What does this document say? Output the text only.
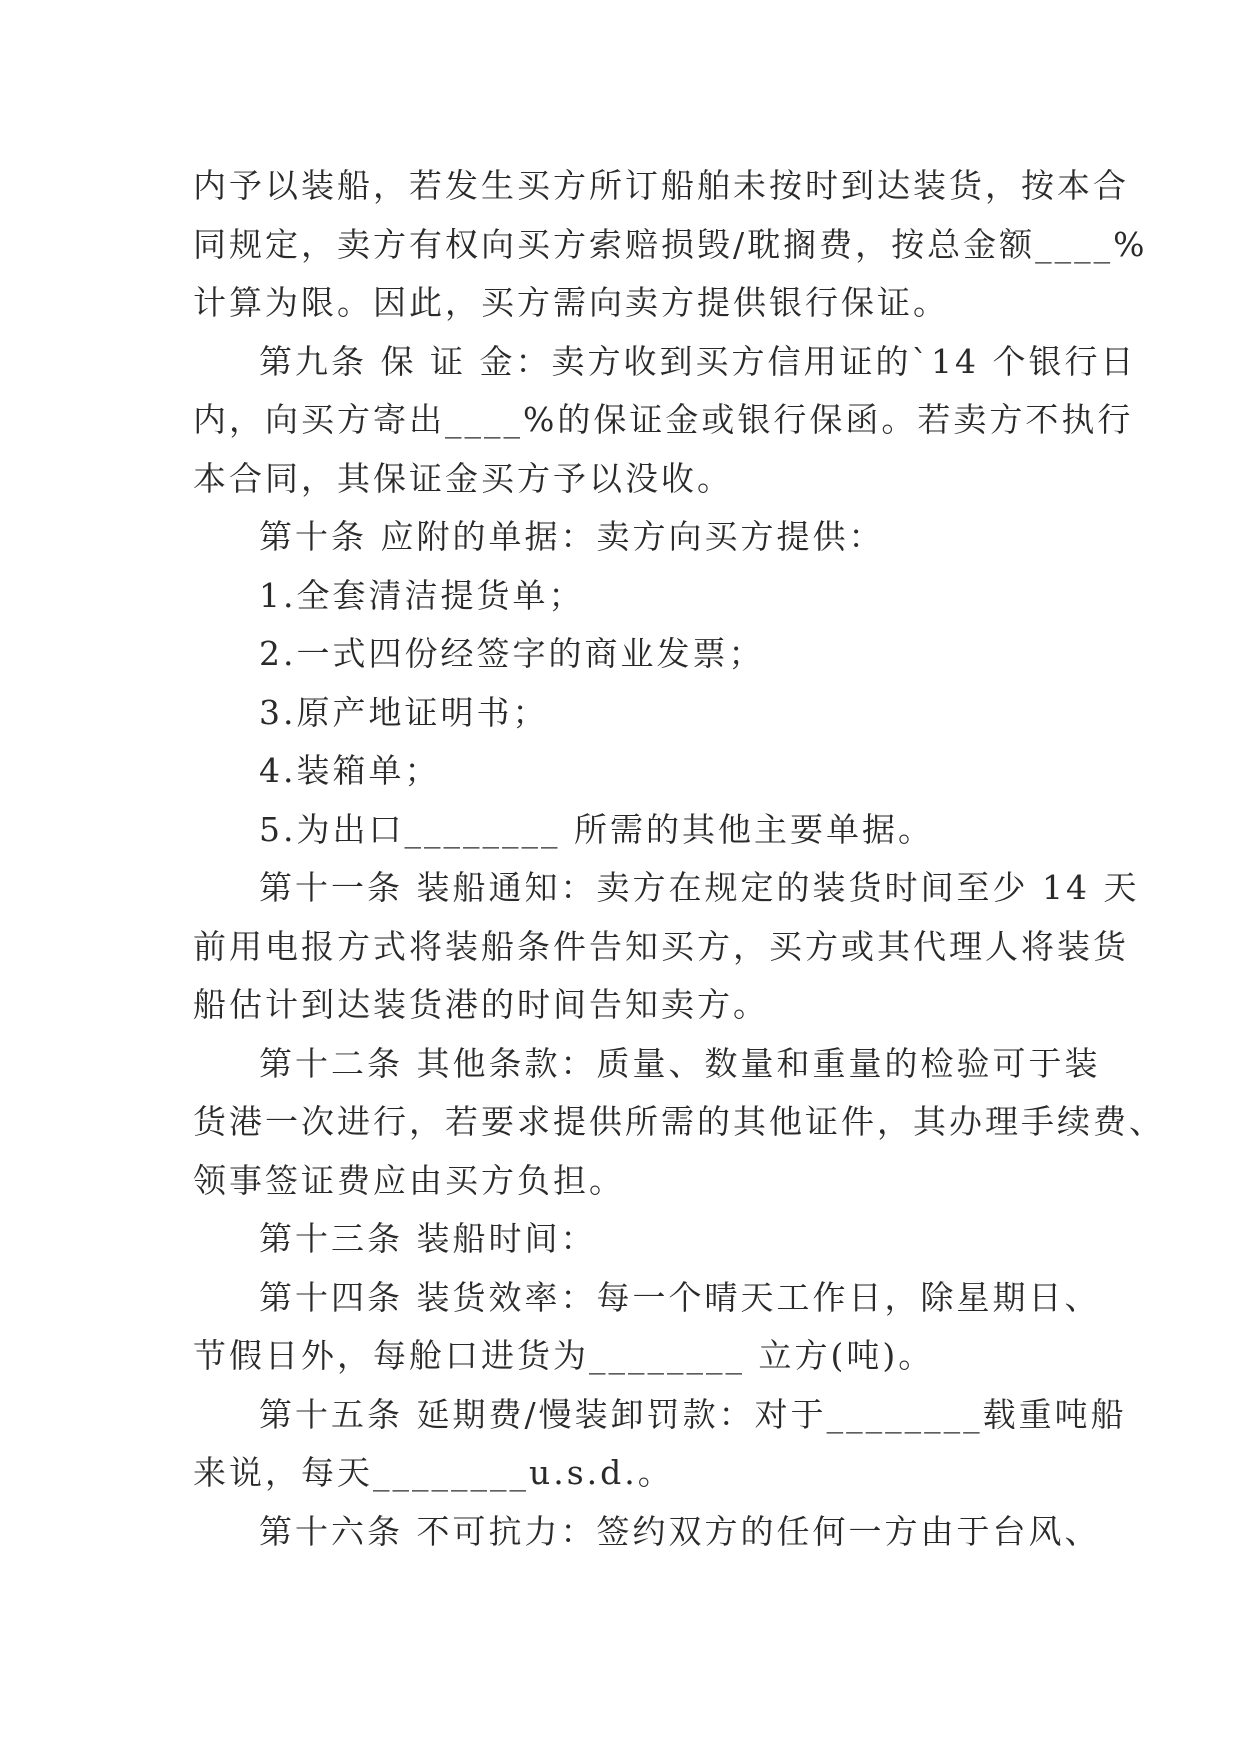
内予以装船，若发生买方所订船舶未按时到达装货，按本合
同规定，卖方有权向买方索赔损毁/耽搁费，按总金额____%
计算为限。因此，买方需向卖方提供银行保证。
第九条 保 证 金：卖方收到买方信用证的`14 个银行日
内，向买方寄出____%的保证金或银行保函。若卖方不执行
本合同，其保证金买方予以没收。
第十条 应附的单据：卖方向买方提供：
1.全套清洁提货单；
2.一式四份经签字的商业发票；
3.原产地证明书；
4.装箱单；
5.为出口________ 所需的其他主要单据。
第十一条 装船通知：卖方在规定的装货时间至少 14 天
前用电报方式将装船条件告知买方，买方或其代理人将装货
船估计到达装货港的时间告知卖方。
第十二条 其他条款：质量、数量和重量的检验可于装
货港一次进行，若要求提供所需的其他证件，其办理手续费、
领事签证费应由买方负担。
第十三条 装船时间：
第十四条 装货效率：每一个晴天工作日，除星期日、
节假日外，每舱口进货为________ 立方(吨)。
第十五条 延期费/慢装卸罚款：对于________载重吨船
来说，每天________u.s.d.。
第十六条 不可抗力：签约双方的任何一方由于台风、
